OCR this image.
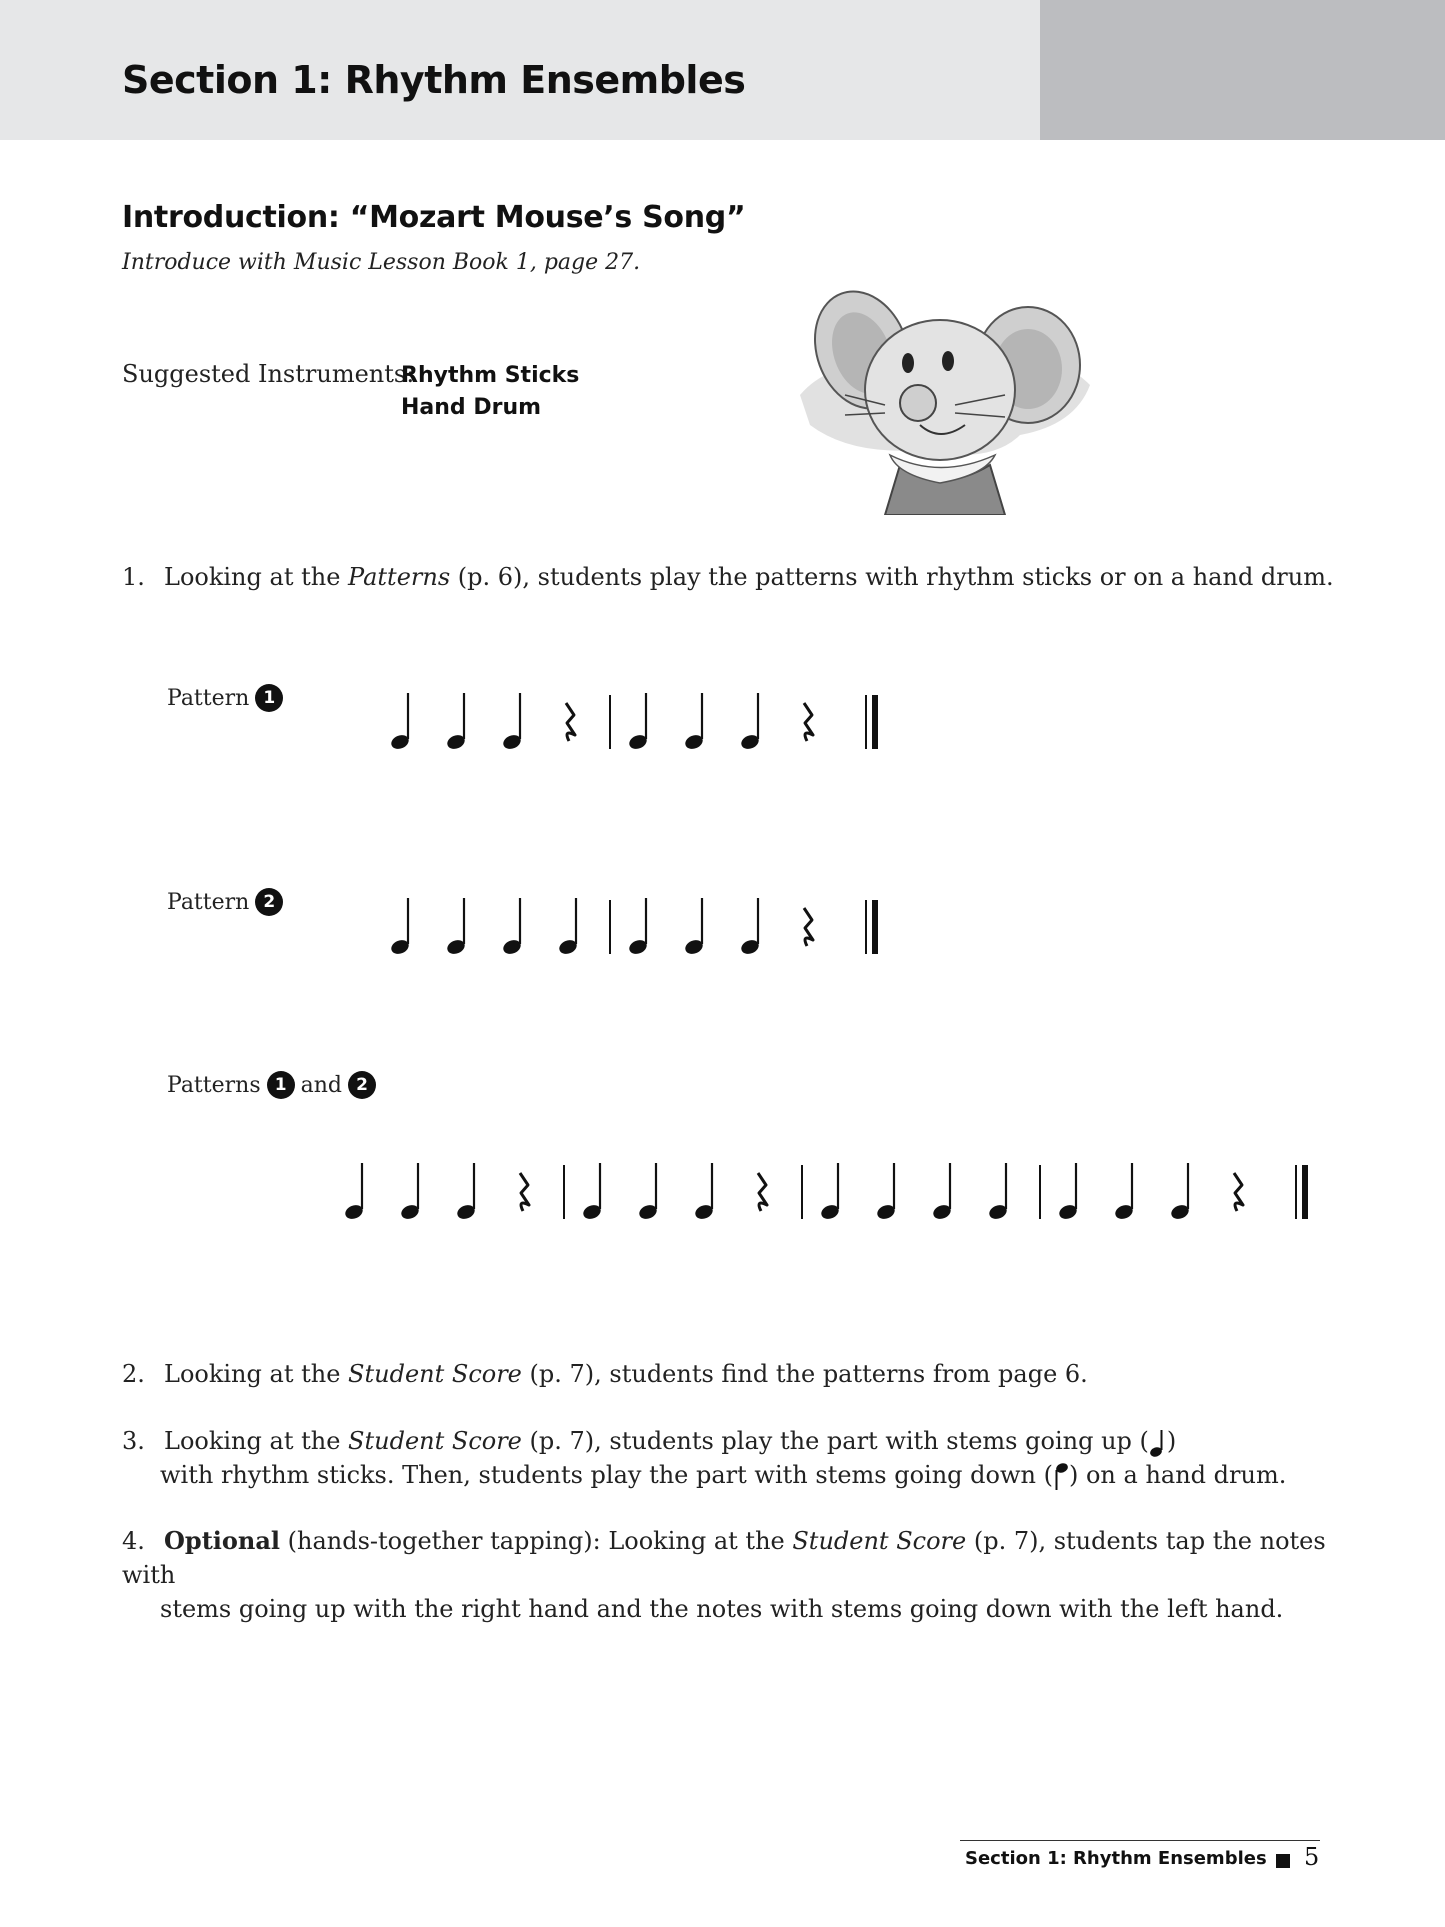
Section 1: Rhythm Ensembles
Introduction: “Mozart Mouse’s Song”
Introduce with Music Lesson Book 1, page 27.
Suggested Instruments:
Rhythm Sticks
Hand Drum
1. Looking at the Patterns (p. 6), students play the patterns with rhythm sticks or on a hand drum.
Pattern 1
Pattern 2
Patterns 1 and 2
2. Looking at the Student Score (p. 7), students find the patterns from page 6.
3. Looking at the Student Score (p. 7), students play the part with stems going up ( )
with rhythm sticks. Then, students play the part with stems going down ( ) on a hand drum.
4. Optional (hands-together tapping): Looking at the Student Score (p. 7), students tap the notes with
stems going up with the right hand and the notes with stems going down with the left hand.
Section 1: Rhythm Ensembles 5
